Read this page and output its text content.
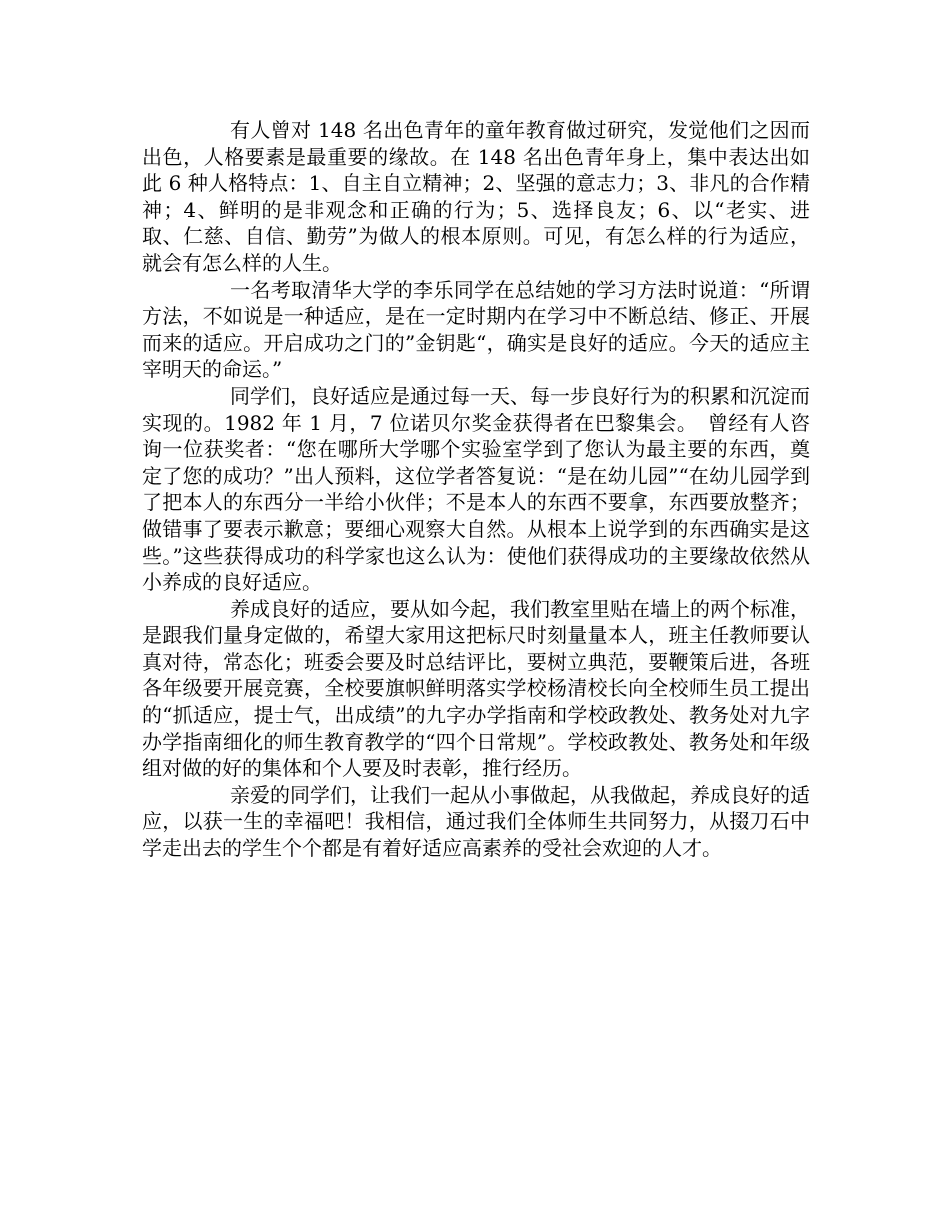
有人曾对 148 名出色青年的童年教育做过研究，发觉他们之因而出色，人格要素是最重要的缘故。在 148 名出色青年身上，集中表达出如此 6 种人格特点：1、自主自立精神；2、坚强的意志力；3、非凡的合作精神；4、鲜明的是非观念和正确的行为；5、选择良友；6、以“老实、进取、仁慈、自信、勤劳”为做人的根本原则。可见，有怎么样的行为适应，就会有怎么样的人生。

一名考取清华大学的李乐同学在总结她的学习方法时说道：“所谓方法，不如说是一种适应，是在一定时期内在学习中不断总结、修正、开展而来的适应。开启成功之门的”金钥匙“，确实是良好的适应。今天的适应主宰明天的命运。”

同学们，良好适应是通过每一天、每一步良好行为的积累和沉淀而实现的。1982 年 1 月，7 位诺贝尔奖金获得者在巴黎集会。　曾经有人咨询一位获奖者：“您在哪所大学哪个实验室学到了您认为最主要的东西，奠定了您的成功？”出人预料，这位学者答复说：“是在幼儿园”“在幼儿园学到了把本人的东西分一半给小伙伴；不是本人的东西不要拿，东西要放整齐；做错事了要表示歉意；要细心观察大自然。从根本上说学到的东西确实是这些。”这些获得成功的科学家也这么认为：使他们获得成功的主要缘故依然从小养成的良好适应。

养成良好的适应，要从如今起，我们教室里贴在墙上的两个标准，是跟我们量身定做的，希望大家用这把标尺时刻量量本人，班主任教师要认真对待，常态化；班委会要及时总结评比，要树立典范，要鞭策后进，各班各年级要开展竞赛，全校要旗帜鲜明落实学校杨清校长向全校师生员工提出的“抓适应，提士气，出成绩”的九字办学指南和学校政教处、教务处对九字办学指南细化的师生教育教学的“四个日常规”。学校政教处、教务处和年级组对做的好的集体和个人要及时表彰，推行经历。

亲爱的同学们，让我们一起从小事做起，从我做起，养成良好的适应，以获一生的幸福吧！我相信，通过我们全体师生共同努力，从掇刀石中学走出去的学生个个都是有着好适应高素养的受社会欢迎的人才。
